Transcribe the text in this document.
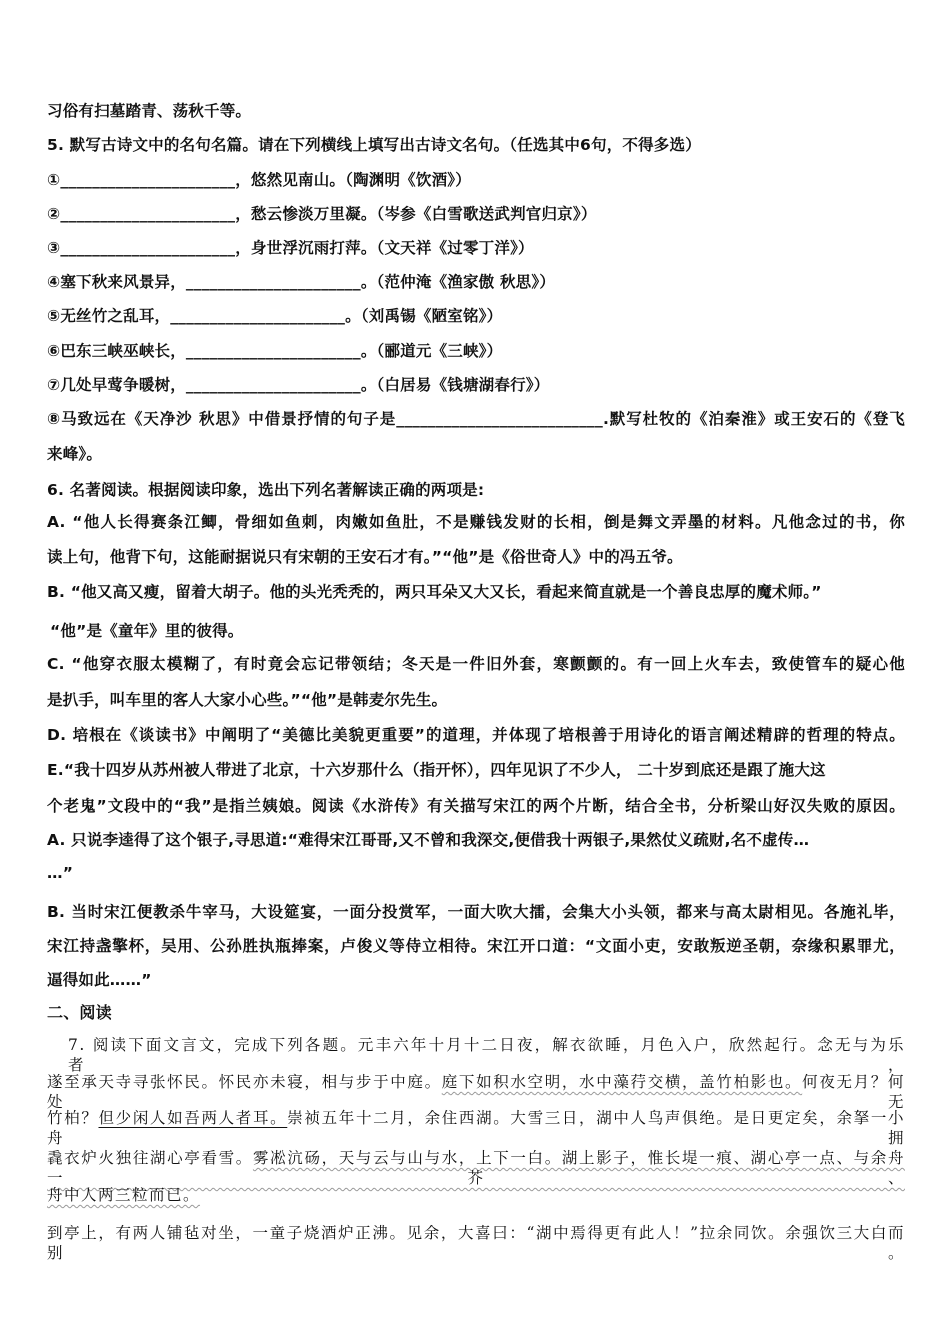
习俗有扫墓踏青、荡秋千等。
5. 默写古诗文中的名句名篇。请在下列横线上填写出古诗文名句。（任选其中6句，不得多选）
①______________________，悠然见南山。（陶渊明《饮酒》）
②______________________，愁云惨淡万里凝。（岑参《白雪歌送武判官归京》）
③______________________，身世浮沉雨打萍。（文天祥《过零丁洋》）
④塞下秋来风景异，______________________。（范仲淹《渔家傲 秋思》）
⑤无丝竹之乱耳，______________________。（刘禹锡《陋室铭》）
⑥巴东三峡巫峡长，______________________。（郦道元《三峡》）
⑦几处早莺争暖树，______________________。（白居易《钱塘湖春行》）
⑧马致远在《天净沙 秋思》中借景抒情的句子是__________________________.默写杜牧的《泊秦淮》或王安石的《登飞
来峰》。
6. 名著阅读。根据阅读印象，选出下列名著解读正确的两项是:
A. “他人长得赛条江鲫，骨细如鱼刺，肉嫩如鱼肚，不是赚钱发财的长相，倒是舞文弄墨的材料。凡他念过的书，你
读上句，他背下句，这能耐据说只有宋朝的王安石才有。”“他”是《俗世奇人》中的冯五爷。
B. “他又高又瘦，留着大胡子。他的头光秃秃的，两只耳朵又大又长，看起来简直就是一个善良忠厚的魔术师。”
“他”是《童年》里的彼得。
C. “他穿衣服太模糊了，有时竟会忘记带领结；冬天是一件旧外套，寒颤颤的。有一回上火车去，致使管车的疑心他
是扒手，叫车里的客人大家小心些。”“他”是韩麦尔先生。
D. 培根在《谈读书》中阐明了“美德比美貌更重要”的道理，并体现了培根善于用诗化的语言阐述精辟的哲理的特点。
E.“我十四岁从苏州被人带进了北京，十六岁那什么（指开怀），四年见识了不少人， 二十岁到底还是跟了施大这
个老鬼”文段中的“我”是指兰姨娘。阅读《水浒传》有关描写宋江的两个片断，结合全书，分析梁山好汉失败的原因。
A. 只说李逵得了这个银子,寻思道:“难得宋江哥哥,又不曾和我深交,便借我十两银子,果然仗义疏财,名不虚传…
…”
B. 当时宋江便教杀牛宰马，大设筵宴，一面分投赏军，一面大吹大擂，会集大小头领，都来与高太尉相见。各施礼毕，
宋江持盏擎杯，吴用、公孙胜执瓶捧案，卢俊义等侍立相待。宋江开口道：“文面小吏，安敢叛逆圣朝，奈缘积累罪尤，
逼得如此……”
二、阅读
7. 阅读下面文言文，完成下列各题。元丰六年十月十二日夜，解衣欲睡，月色入户，欣然起行。念无与为乐者，
遂至承天寺寻张怀民。怀民亦未寝，相与步于中庭。庭下如积水空明，水中藻荇交横，盖竹柏影也。何夜无月？何处无
竹柏？但少闲人如吾两人者耳。崇祯五年十二月，余住西湖。大雪三日，湖中人鸟声俱绝。是日更定矣，余拏一小舟拥
毳衣炉火独往湖心亭看雪。雾凇沆砀，天与云与山与水，上下一白。湖上影子，惟长堤一痕、湖心亭一点、与余舟一芥、
舟中人两三粒而已。
到亭上，有两人铺毡对坐，一童子烧酒炉正沸。见余，大喜曰：“湖中焉得更有此人！”拉余同饮。余强饮三大白而别。
